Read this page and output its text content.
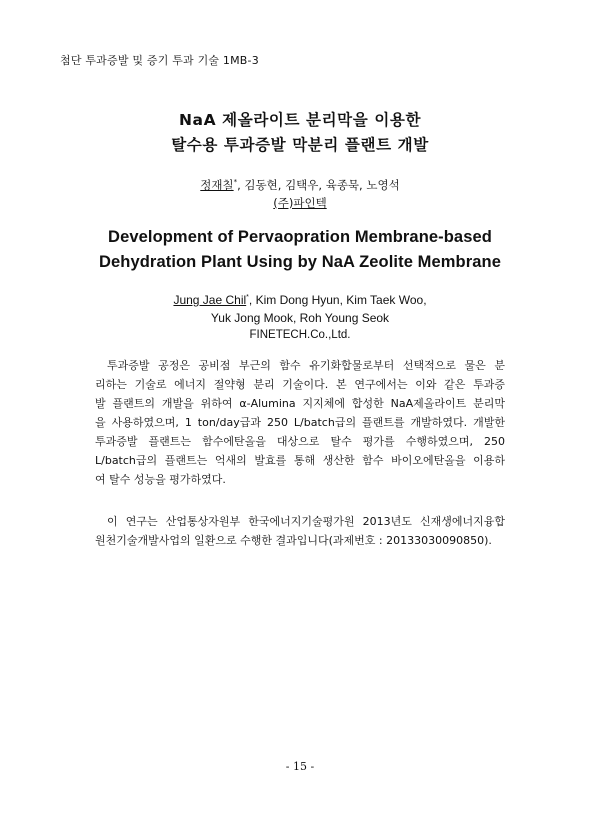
첨단 투과증발 및 증기 투과 기술 1MB-3
NaA 제올라이트 분리막을 이용한
탈수용 투과증발 막분리 플랜트 개발
정재칠*, 김동현, 김택우, 육종묵, 노영석
(주)파인텍
Development of Pervaopration Membrane-based
Dehydration Plant Using by NaA Zeolite Membrane
Jung Jae Chil*, Kim Dong Hyun, Kim Taek Woo,
Yuk Jong Mook, Roh Young Seok
FINETECH.Co.,Ltd.
투과증발 공정은 공비점 부근의 함수 유기화합물로부터 선택적으로 물은 분
리하는 기술로 에너지 절약형 분리 기술이다. 본 연구에서는 이와 같은 투과증
발 플랜트의 개발을 위하여 α-Alumina 지지체에 합성한 NaA제올라이트 분리막
을 사용하였으며, 1 ton/day급과 250 L/batch급의 플랜트를 개발하였다. 개발한
투과증발 플랜트는 함수에탄올을 대상으로 탈수 평가를 수행하였으며, 250
L/batch급의 플랜트는 억새의 발효를 통해 생산한 함수 바이오에탄올을 이용하
여 탈수 성능을 평가하였다.
이 연구는 산업통상자원부 한국에너지기술평가원 2013년도 신재생에너지융합
원천기술개발사업의 일환으로 수행한 결과입니다(과제번호 : 20133030090850).
- 15 -
